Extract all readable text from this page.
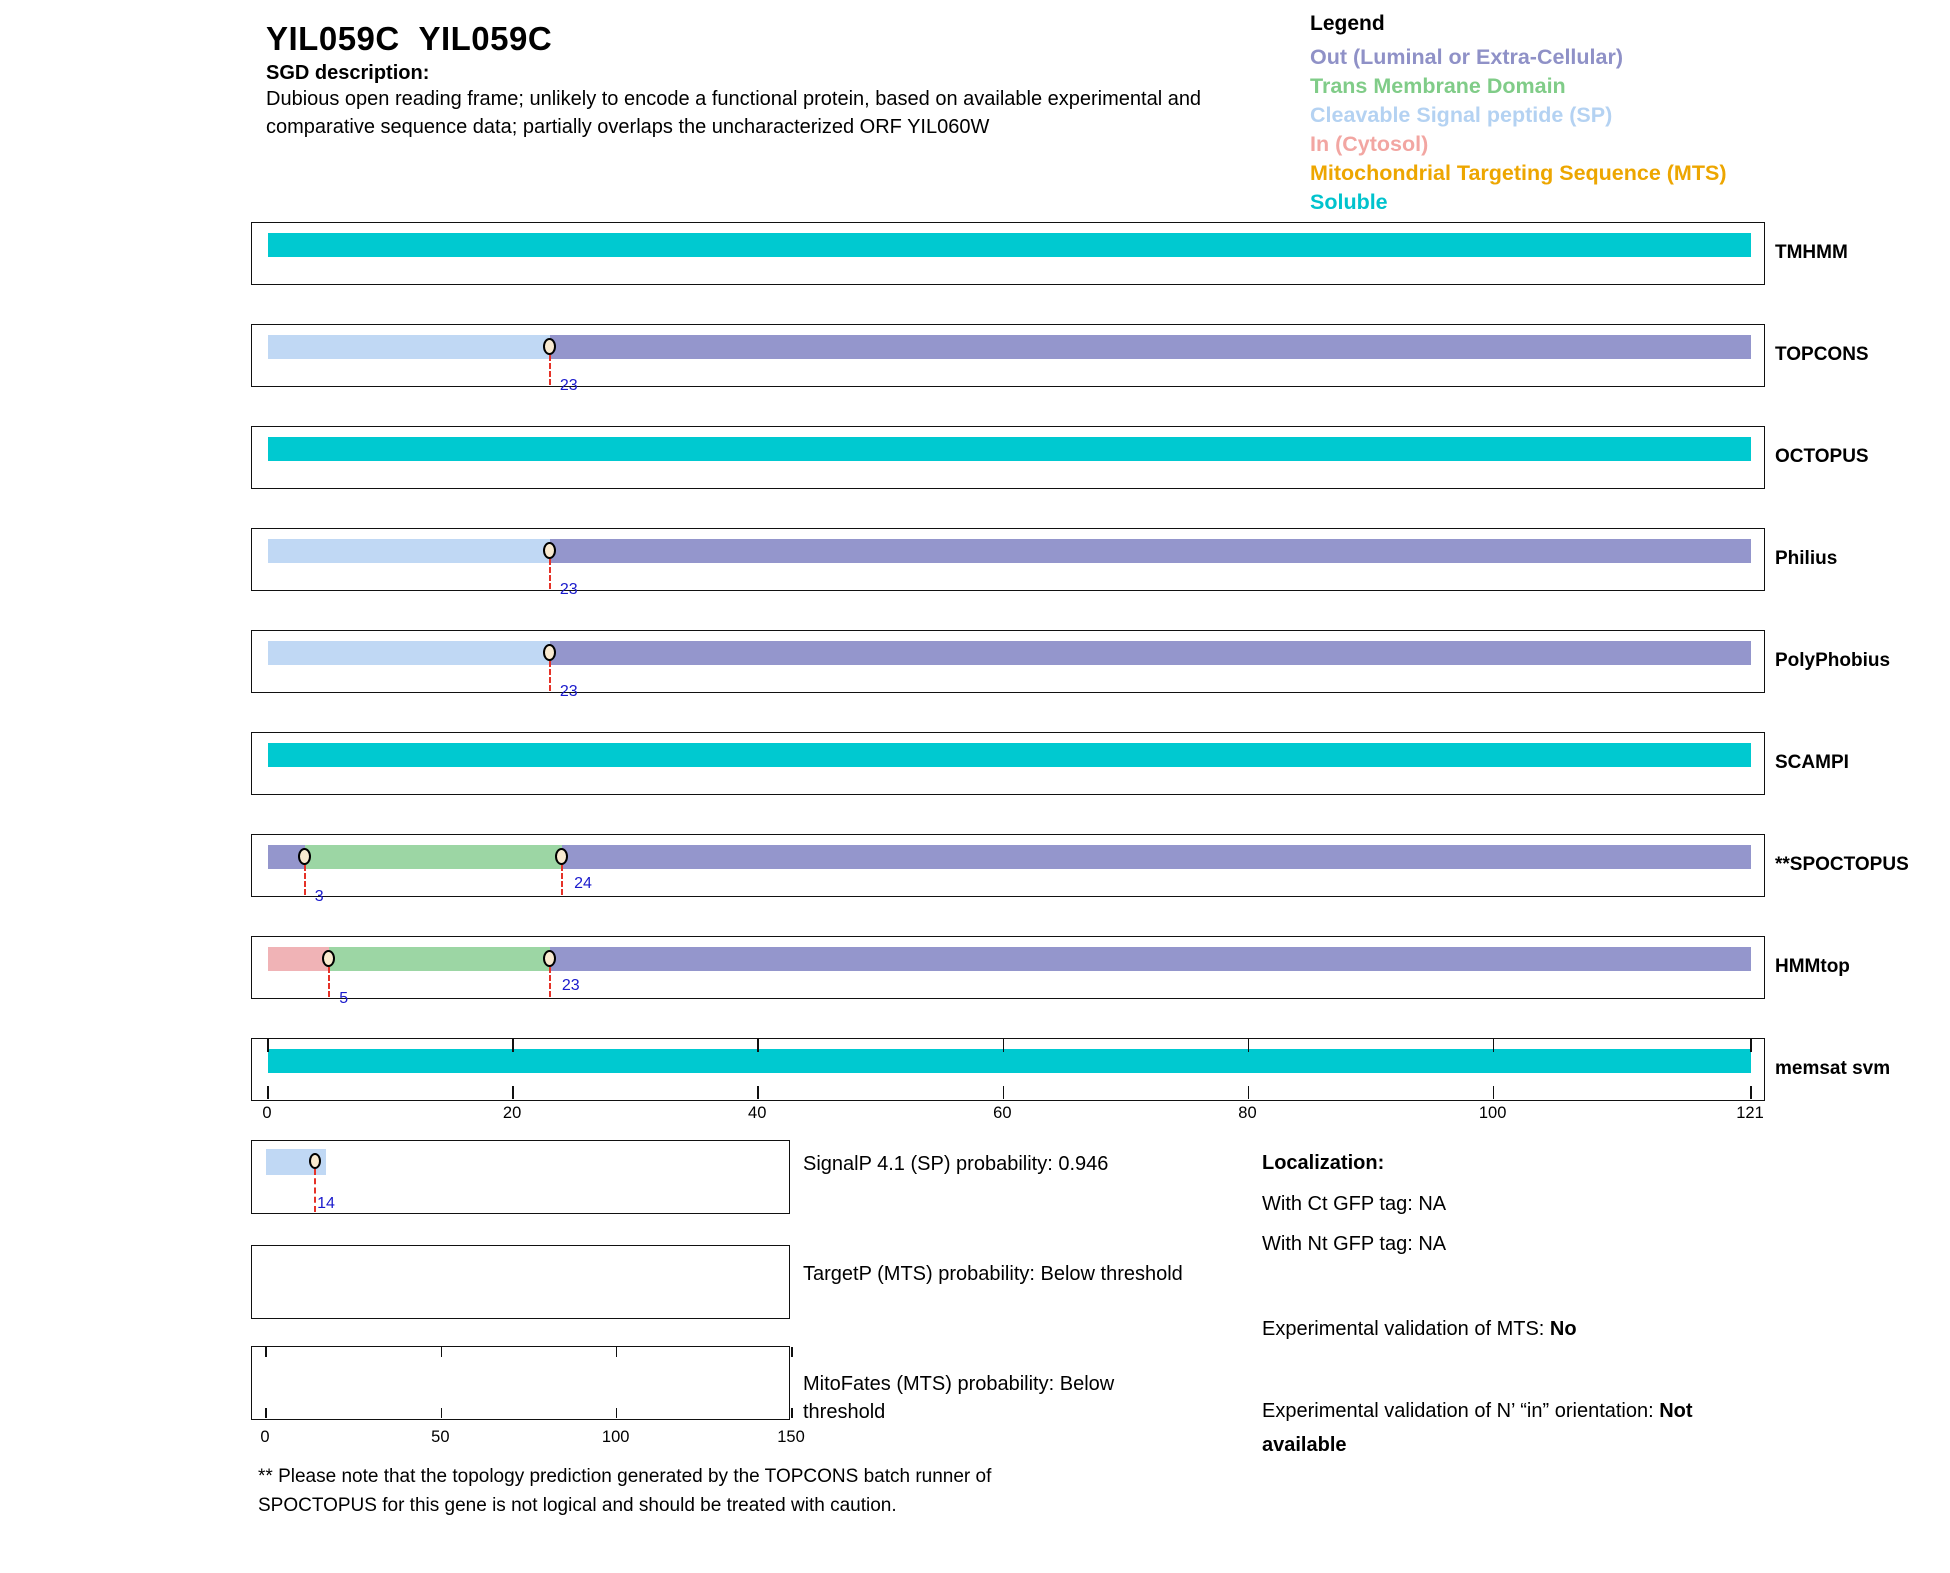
YIL059C  YIL059C
SGD description:
Dubious open reading frame; unlikely to encode a functional protein, based on available experimental and comparative sequence data; partially overlaps the uncharacterized ORF YIL060W
Legend
Out (Luminal or Extra-Cellular)
Trans Membrane Domain
Cleavable Signal peptide (SP)
In (Cytosol)
Mitochondrial Targeting Sequence (MTS)
Soluble
TMHMM
23
TOPCONS
OCTOPUS
23
Philius
23
PolyPhobius
SCAMPI
3
24
**SPOCTOPUS
5
23
HMMtop
memsat svm
0	20	40	60	80	100	121
14
SignalP 4.1 (SP) probability: 0.946
TargetP (MTS) probability: Below threshold
0	50	100	150
MitoFates (MTS) probability: Below threshold
Localization:
With Ct GFP tag: NA
With Nt GFP tag: NA
Experimental validation of MTS: No
Experimental validation of N’ “in” orientation: Not available
** Please note that the topology prediction generated by the TOPCONS batch runner of SPOCTOPUS for this gene is not logical and should be treated with caution.
